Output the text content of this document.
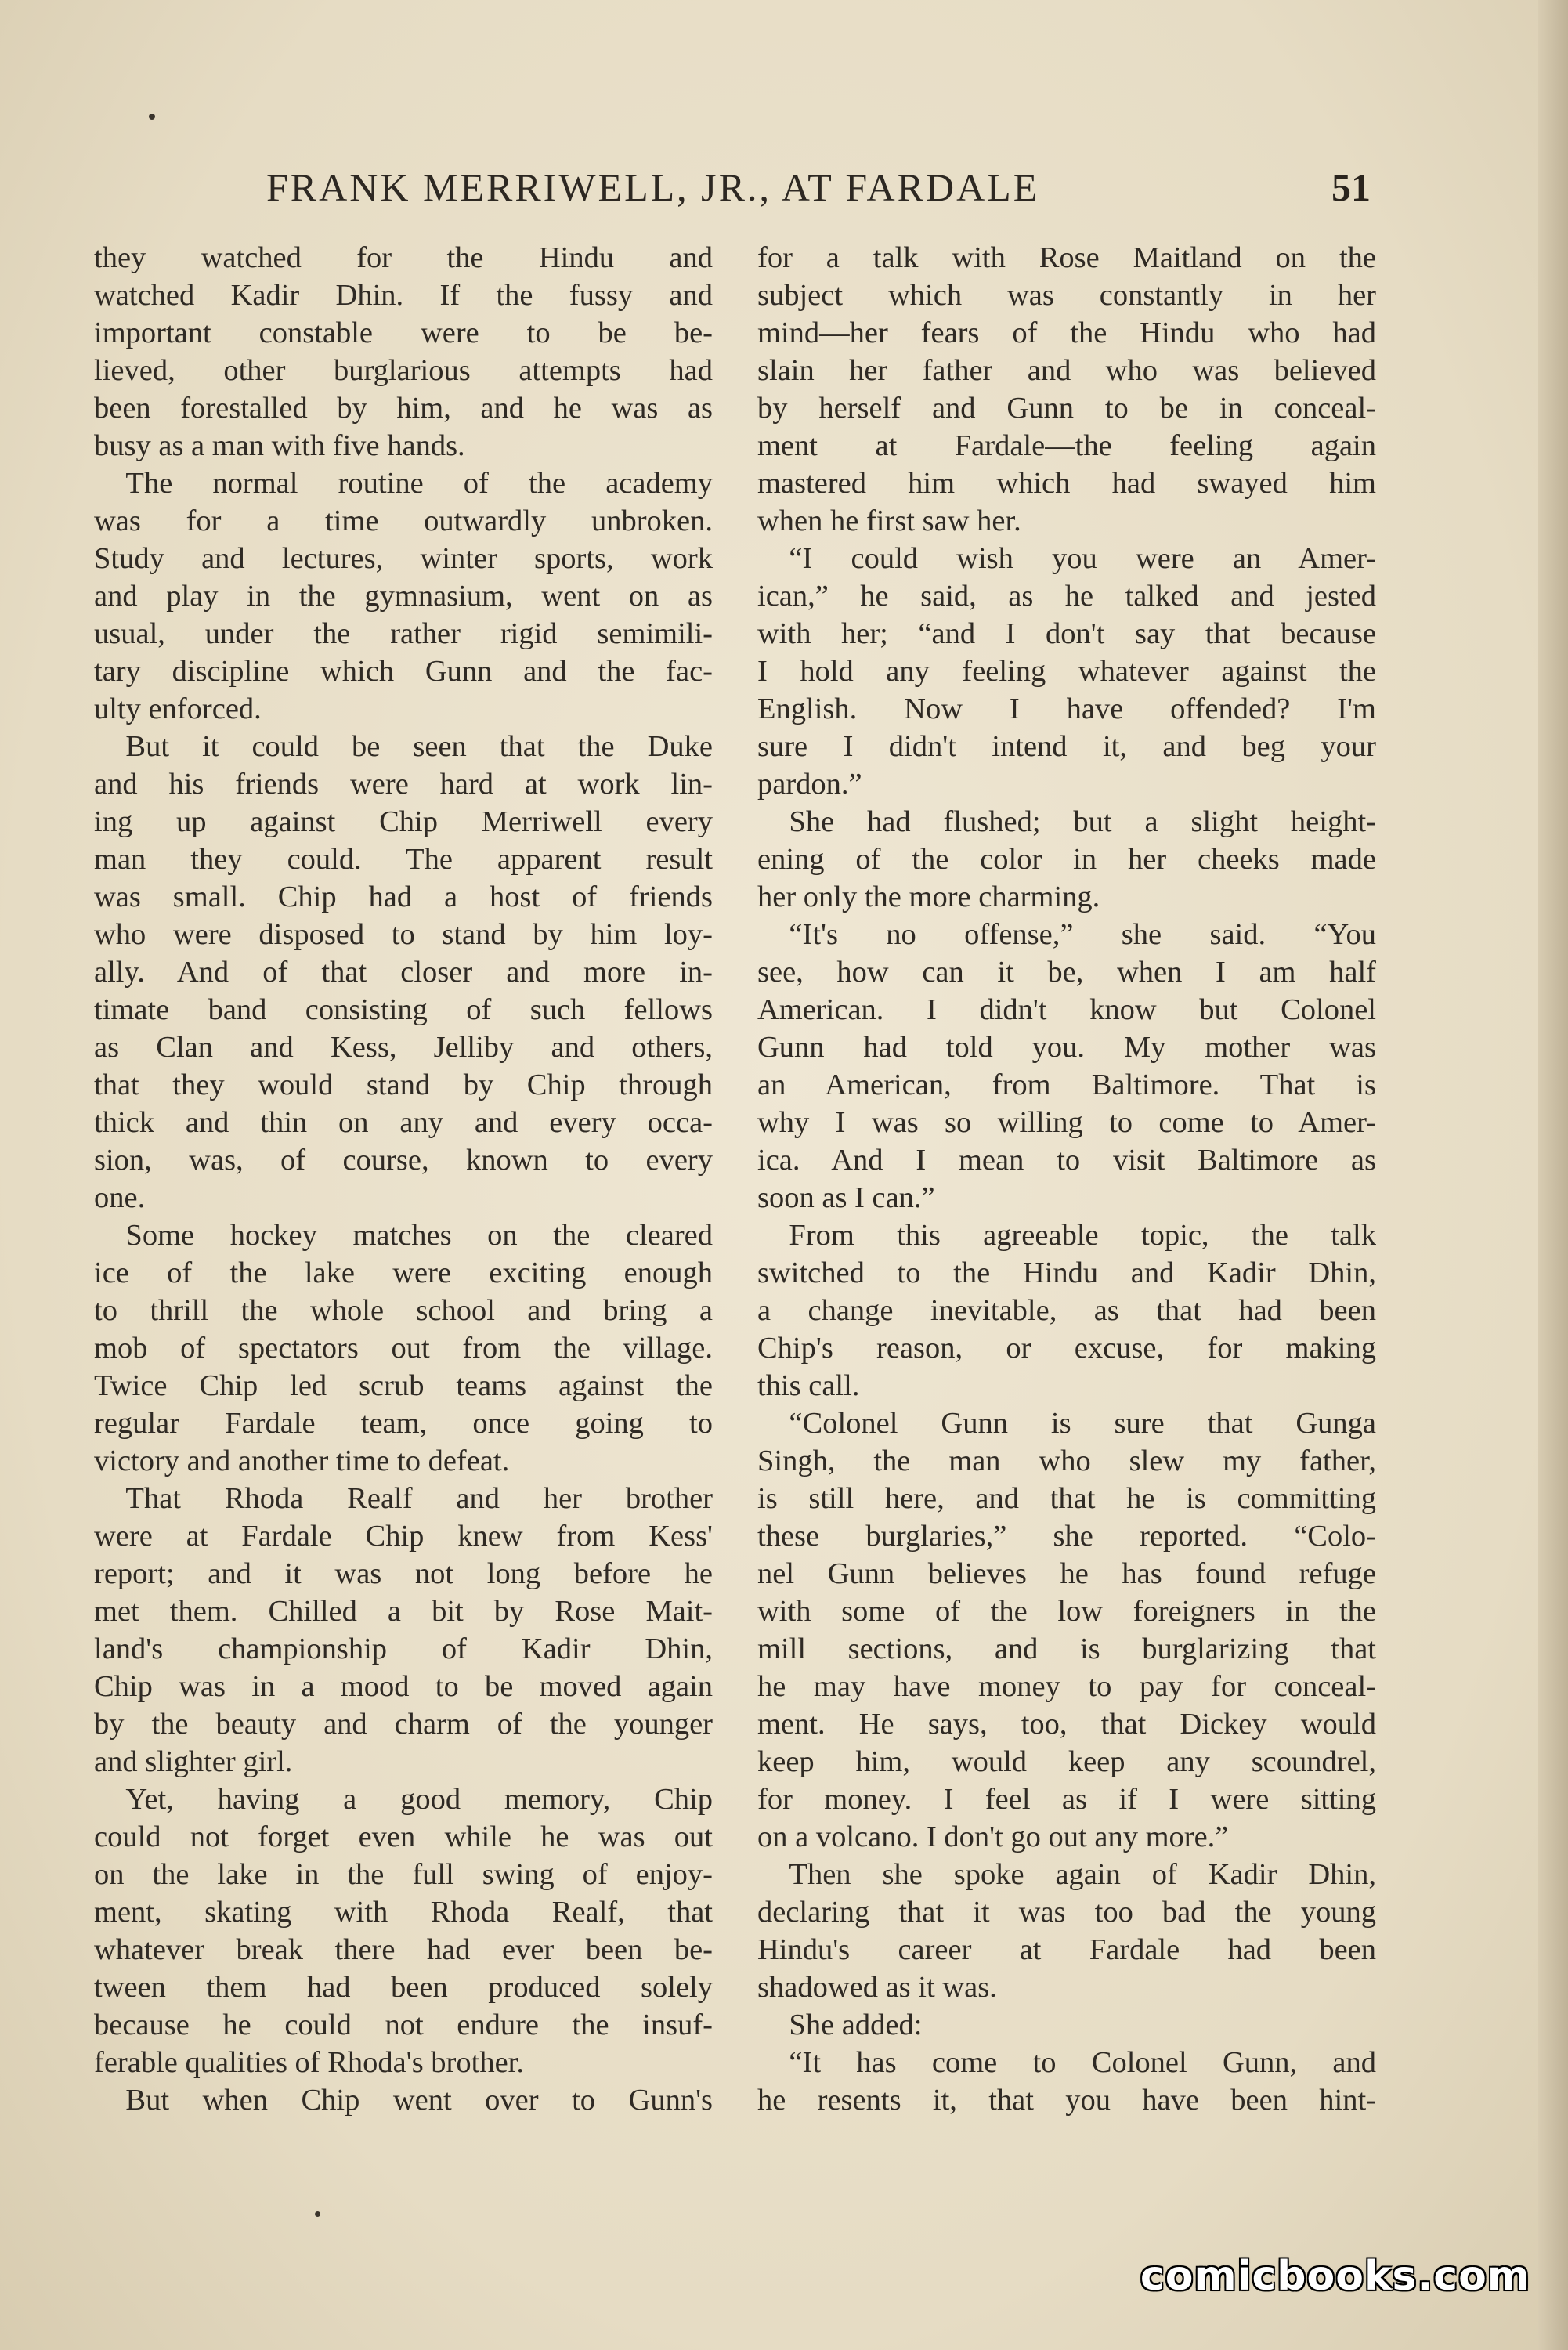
FRANK MERRIWELL, JR., AT FARDALE	51

they watched for the Hindu and

watched Kadir Dhin. If the fussy and

important constable were to be be-

lieved, other burglarious attempts had

been forestalled by him, and he was as

busy as a man with five hands.

The normal routine of the academy

was for a time outwardly unbroken.

Study and lectures, winter sports, work

and play in the gymnasium, went on as

usual, under the rather rigid semimili-

tary discipline which Gunn and the fac-

ulty enforced.

But it could be seen that the Duke

and his friends were hard at work lin-

ing up against Chip Merriwell every

man they could. The apparent result

was small. Chip had a host of friends

who were disposed to stand by him loy-

ally. And of that closer and more in-

timate band consisting of such fellows

as Clan and Kess, Jelliby and others,

that they would stand by Chip through

thick and thin on any and every occa-

sion, was, of course, known to every

one.

Some hockey matches on the cleared

ice of the lake were exciting enough

to thrill the whole school and bring a

mob of spectators out from the village.

Twice Chip led scrub teams against the

regular Fardale team, once going to

victory and another time to defeat.

That Rhoda Realf and her brother

were at Fardale Chip knew from Kess'

report; and it was not long before he

met them. Chilled a bit by Rose Mait-

land's championship of Kadir Dhin,

Chip was in a mood to be moved again

by the beauty and charm of the younger

and slighter girl.

Yet, having a good memory, Chip

could not forget even while he was out

on the lake in the full swing of enjoy-

ment, skating with Rhoda Realf, that

whatever break there had ever been be-

tween them had been produced solely

because he could not endure the insuf-

ferable qualities of Rhoda's brother.

But when Chip went over to Gunn's

for a talk with Rose Maitland on the

subject which was constantly in her

mind—her fears of the Hindu who had

slain her father and who was believed

by herself and Gunn to be in conceal-

ment at Fardale—the feeling again

mastered him which had swayed him

when he first saw her.

“I could wish you were an Amer-

ican,” he said, as he talked and jested

with her; “and I don't say that because

I hold any feeling whatever against the

English. Now I have offended? I'm

sure I didn't intend it, and beg your

pardon.”

She had flushed; but a slight height-

ening of the color in her cheeks made

her only the more charming.

“It's no offense,” she said. “You

see, how can it be, when I am half

American. I didn't know but Colonel

Gunn had told you. My mother was

an American, from Baltimore. That is

why I was so willing to come to Amer-

ica. And I mean to visit Baltimore as

soon as I can.”

From this agreeable topic, the talk

switched to the Hindu and Kadir Dhin,

a change inevitable, as that had been

Chip's reason, or excuse, for making

this call.

“Colonel Gunn is sure that Gunga

Singh, the man who slew my father,

is still here, and that he is committing

these burglaries,” she reported. “Colo-

nel Gunn believes he has found refuge

with some of the low foreigners in the

mill sections, and is burglarizing that

he may have money to pay for conceal-

ment. He says, too, that Dickey would

keep him, would keep any scoundrel,

for money. I feel as if I were sitting

on a volcano. I don't go out any more.”

Then she spoke again of Kadir Dhin,

declaring that it was too bad the young

Hindu's career at Fardale had been

shadowed as it was.

She added:

“It has come to Colonel Gunn, and

he resents it, that you have been hint-

comicbooks.com
